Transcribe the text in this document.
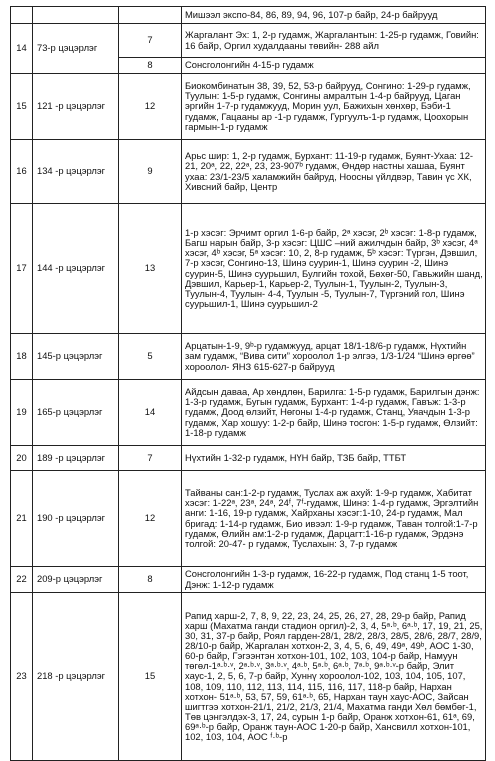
			Мишээл экспо-84, 86, 89, 94, 96, 107-р байр, 24-р байрууд
14	73-р цэцэрлэг	7	Жаргалант Эх: 1, 2-р гудамж, Жаргалантын: 1-25-р гудамж, Говийн: 16 байр, Оргил худалдааны төвийн- 288 айл
		8	Сонсголонгийн 4-15-р гудамж
15	121 -р цэцэрлэг	12	Биокомбинатын 38, 39, 52, 53-р байрууд, Сонгино: 1-29-р гудамж, Туулын: 1-5-р гудамж, Сонгины амралтын 1-4-р байрууд, Цаган эргийн 1-7-р гудамжууд, Морин уул, Бажихын хөнхөр, Бэби-1 гудамж, Гацааны ар -1-р гудамж, Гургуулъ-1-р гудамж, Цоохорын гармын-1-р гудамж
16	134 -р цэцэрлэг	9	Арьс шир: 1, 2-р гудамж, Бурхант: 11-19-р гудамж, Буянт-Ухаа: 12-21, 20ᵃ, 22, 22ᵃ, 23, 23-907ᵇ гудамж, Өндөр настны хашаа, Буянт ухаа: 23/1-23/5 халамжийн байруд, Ноосны үйлдвэр, Тавин үс ХК, Хивсний байр, Центр
17	144 -р цэцэрлэг	13	1-р хэсэг: Эрчимт оргил 1-6-р байр, 2ᵃ хэсэг, 2ᵇ хэсэг: 1-8-р гудамж, Багш нарын байр, 3-р хэсэг: ЦШС –ний ажилчдын байр, 3ᵇ хэсэг, 4ᵃ хэсэг, 4ᵇ хэсэг, 5ᵃ хэсэг: 10, 2, 8-р гудамж, 5ᵇ хэсэг: Түргэн, Дэвшил, 7-р хэсэг, Сонгино-13, Шинэ суурин-1, Шинэ суурин -2, Шинэ суурин-5, Шинэ суурьшил, Булгийн тохой, Бөхөг-50, Гавьжийн шанд, Дэвшил, Карьер-1, Карьер-2, Туулын-1, Туулын-2, Туулын-3, Туулын-4, Туулын- 4-4, Туулын -5, Туулын-7, Түргэний гол, Шинэ суурьшил-1, Шинэ суурьшил-2
18	145-р цэцэрлэг	5	Арцатын-1-9, 9ᵇ-р гудамжууд, арцат 18/1-18/6-р гудамж, Нүхтийн зам гудамж, “Вива сити” хороолол 1-р элгээ, 1/3-1/24 “Шинэ өргөө” хороолол- ЯНЗ 615-627-р байрууд
19	165-р цэцэрлэг	14	Айдсын даваа, Ар хөндлөн, Барилга: 1-5-р гудамж, Барилгын дэнж: 1-3-р гудамж, Бугын гудамж, Бурхант: 1-4-р гудамж, Гавъж: 1-3-р гудамж, Доод өлзийт, Нөгоны 1-4-р гудамж, Станц, Уяачдын 1-3-р гудамж, Хар хошуу: 1-2-р байр, Шинэ тосгон: 1-5-р гудамж, Өлзийт: 1-18-р гудамж
20	189 -р цэцэрлэг	7	Нүхтийн 1-32-р гудамж, НҮН байр, ТЗБ байр, ТТБТ
21	190 -р цэцэрлэг	12	Тайваны сан:1-2-р гудамж, Туслах аж ахуй: 1-9-р гудамж, Хабитат хэсэг: 1-22ᵃ, 23ᵃ, 24ᵃ, 24ᶠ, 7ᶠ-гудамж, Шинэ: 1-4-р гудамж, Эргэлтийн анги: 1-16, 19-р гудамж, Хайрханы хэсэг:1-10, 24-р гудамж, Мал бригад: 1-14-р гудамж, Био ивээл: 1-9-р гудамж, Таван толгой:1-7-р гудамж, Өлийн ам:1-2-р гудамж, Дарцагт:1-16-р гудамж, Эрдэнэ толгой: 20-47- р гудамж, Туслахын: 3, 7-р гудамж
22	209-р цэцэрлэг	8	Сонсголонгийн 1-3-р гудамж, 16-22-р гудамж, Под станц 1-5 тоот, Дэнж: 1-12-р гудамж
23	218 -р цэцэрлэг	15	Рапид харш-2, 7, 8, 9, 22, 23, 24, 25, 26, 27, 28, 29-р байр, Рапид харш (Махатма ганди стадион оргил)-2, 3, 4, 5ᵃ·ᵇ, 6ᵃ·ᵇ, 17, 19, 21, 25, 30, 31, 37-р байр, Роял гарден-28/1, 28/2, 28/3, 28/5, 28/6, 28/7, 28/9, 28/10-р байр, Жаргалан хотхон-2, 3, 4, 5, 6, 49, 49ᵃ, 49ᵇ, АОС 1-30, 60-р байр, Гэгээнтэн хотхон-101, 102, 103, 104-р байр, Намуун төгөл-1ᵃ·ᵇ·ᵛ, 2ᵃ·ᵇ·ᵛ, 3ᵃ·ᵇ·ᵛ, 4ᵃ·ᵇ, 5ᵃ·ᵇ, 6ᵃ·ᵇ, 7ᵃ·ᵇ, 9ᵃ·ᵇ·ᵛ-р байр, Элит хаус-1, 2, 5, 6, 7-р байр, Хуннү хороолол-102, 103, 104, 105, 107, 108, 109, 110, 112, 113, 114, 115, 116, 117, 118-р байр, Нархан хотхон- 51ᵃ·ᵇ, 53, 57, 59, 61ᵃ·ᵇ, 65, Нархан таун хаус-АОС, Зайсан шигтгээ хотхон-21/1, 21/2, 21/3, 21/4, Махатма ганди Хөл бөмбөг-1, Төв цэнгэлдэх-3, 17, 24, сурын 1-р байр, Оранж хотхон-61, 61ᵃ, 69, 69ᵃ·ᵇ-р байр, Оранж таун-АОС 1-20-р байр, Хансвилл хотхон-101, 102, 103, 104, АОС ᶠ·ᵇ-р
